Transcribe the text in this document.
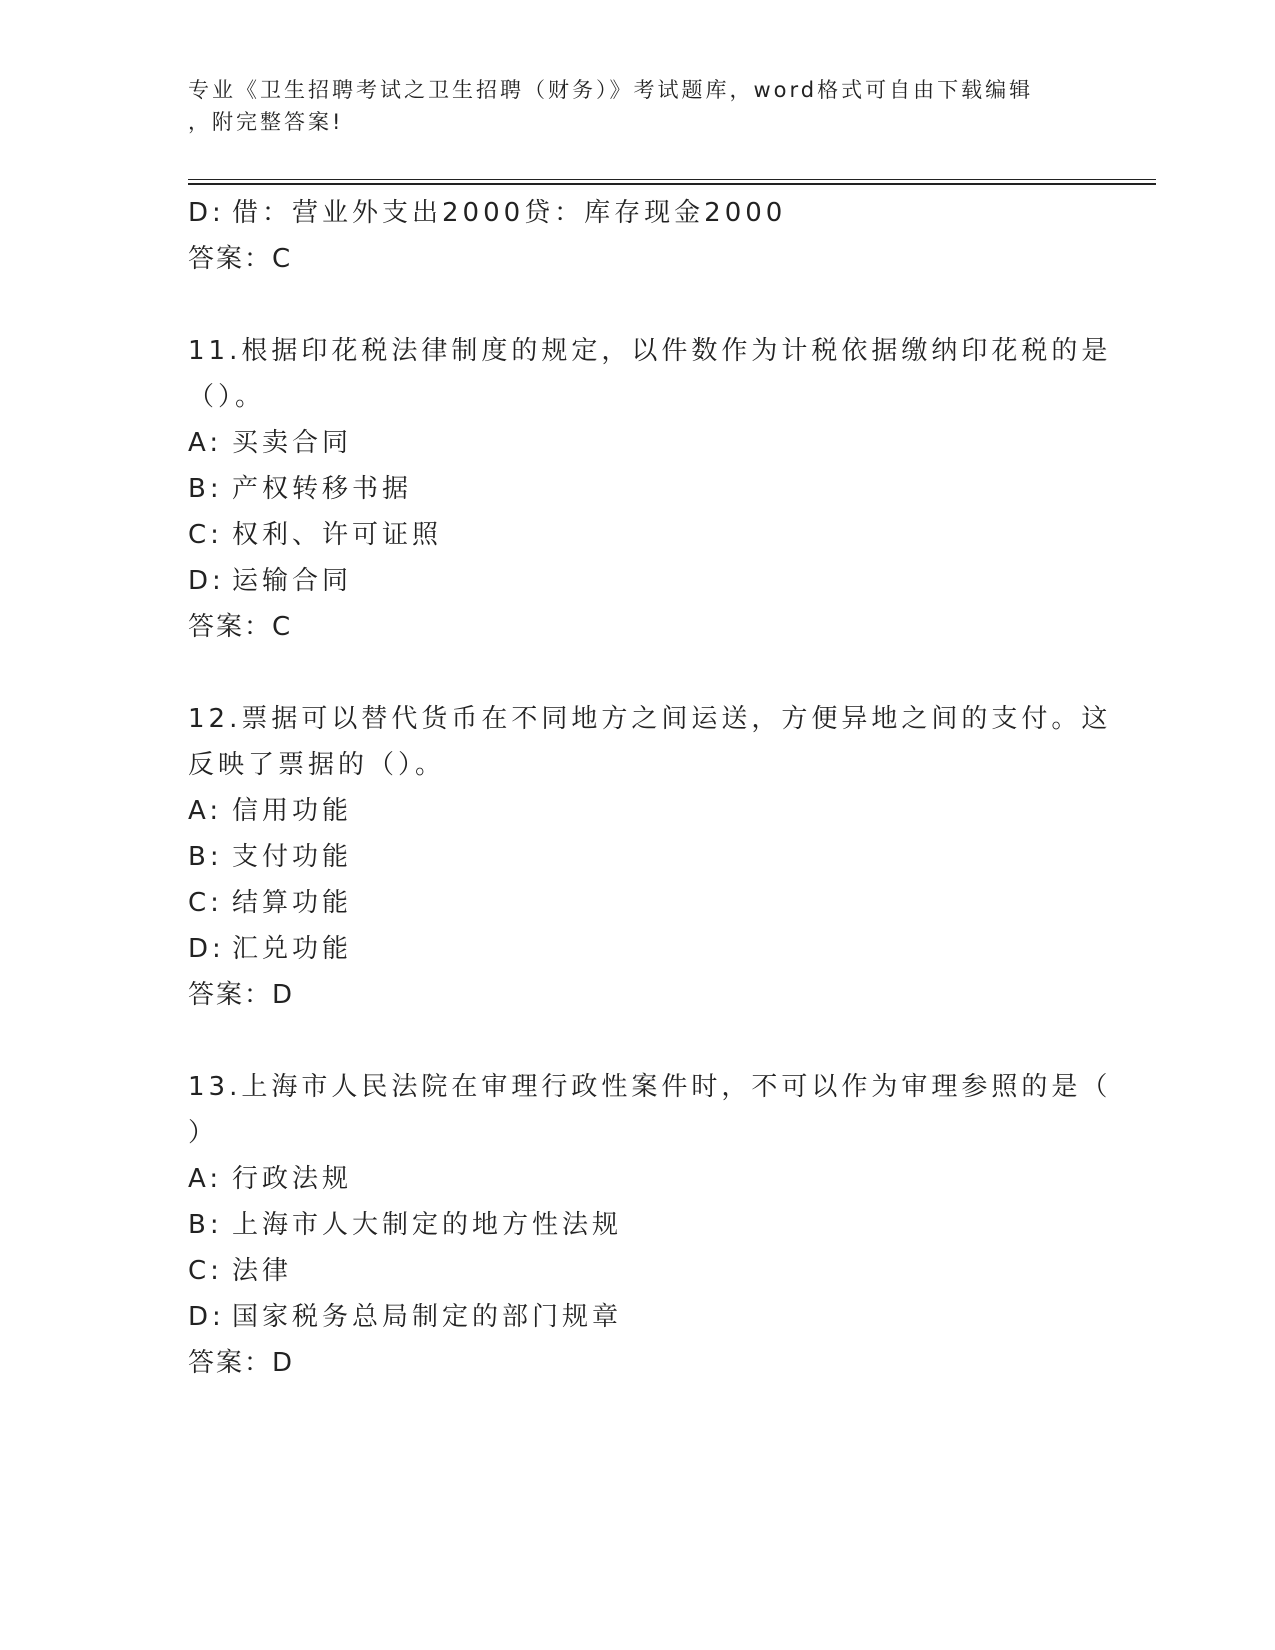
专业《卫生招聘考试之卫生招聘（财务）》考试题库，word格式可自由下载编辑
，附完整答案!
D: 借：营业外支出2000贷：库存现金2000
答案：C
11.根据印花税法律制度的规定，以件数作为计税依据缴纳印花税的是
（）。
A: 买卖合同
B: 产权转移书据
C: 权利、许可证照
D: 运输合同
答案：C
12.票据可以替代货币在不同地方之间运送，方便异地之间的支付。这
反映了票据的（）。
A: 信用功能
B: 支付功能
C: 结算功能
D: 汇兑功能
答案：D
13.上海市人民法院在审理行政性案件时，不可以作为审理参照的是（
）
A: 行政法规
B: 上海市人大制定的地方性法规
C: 法律
D: 国家税务总局制定的部门规章
答案：D
